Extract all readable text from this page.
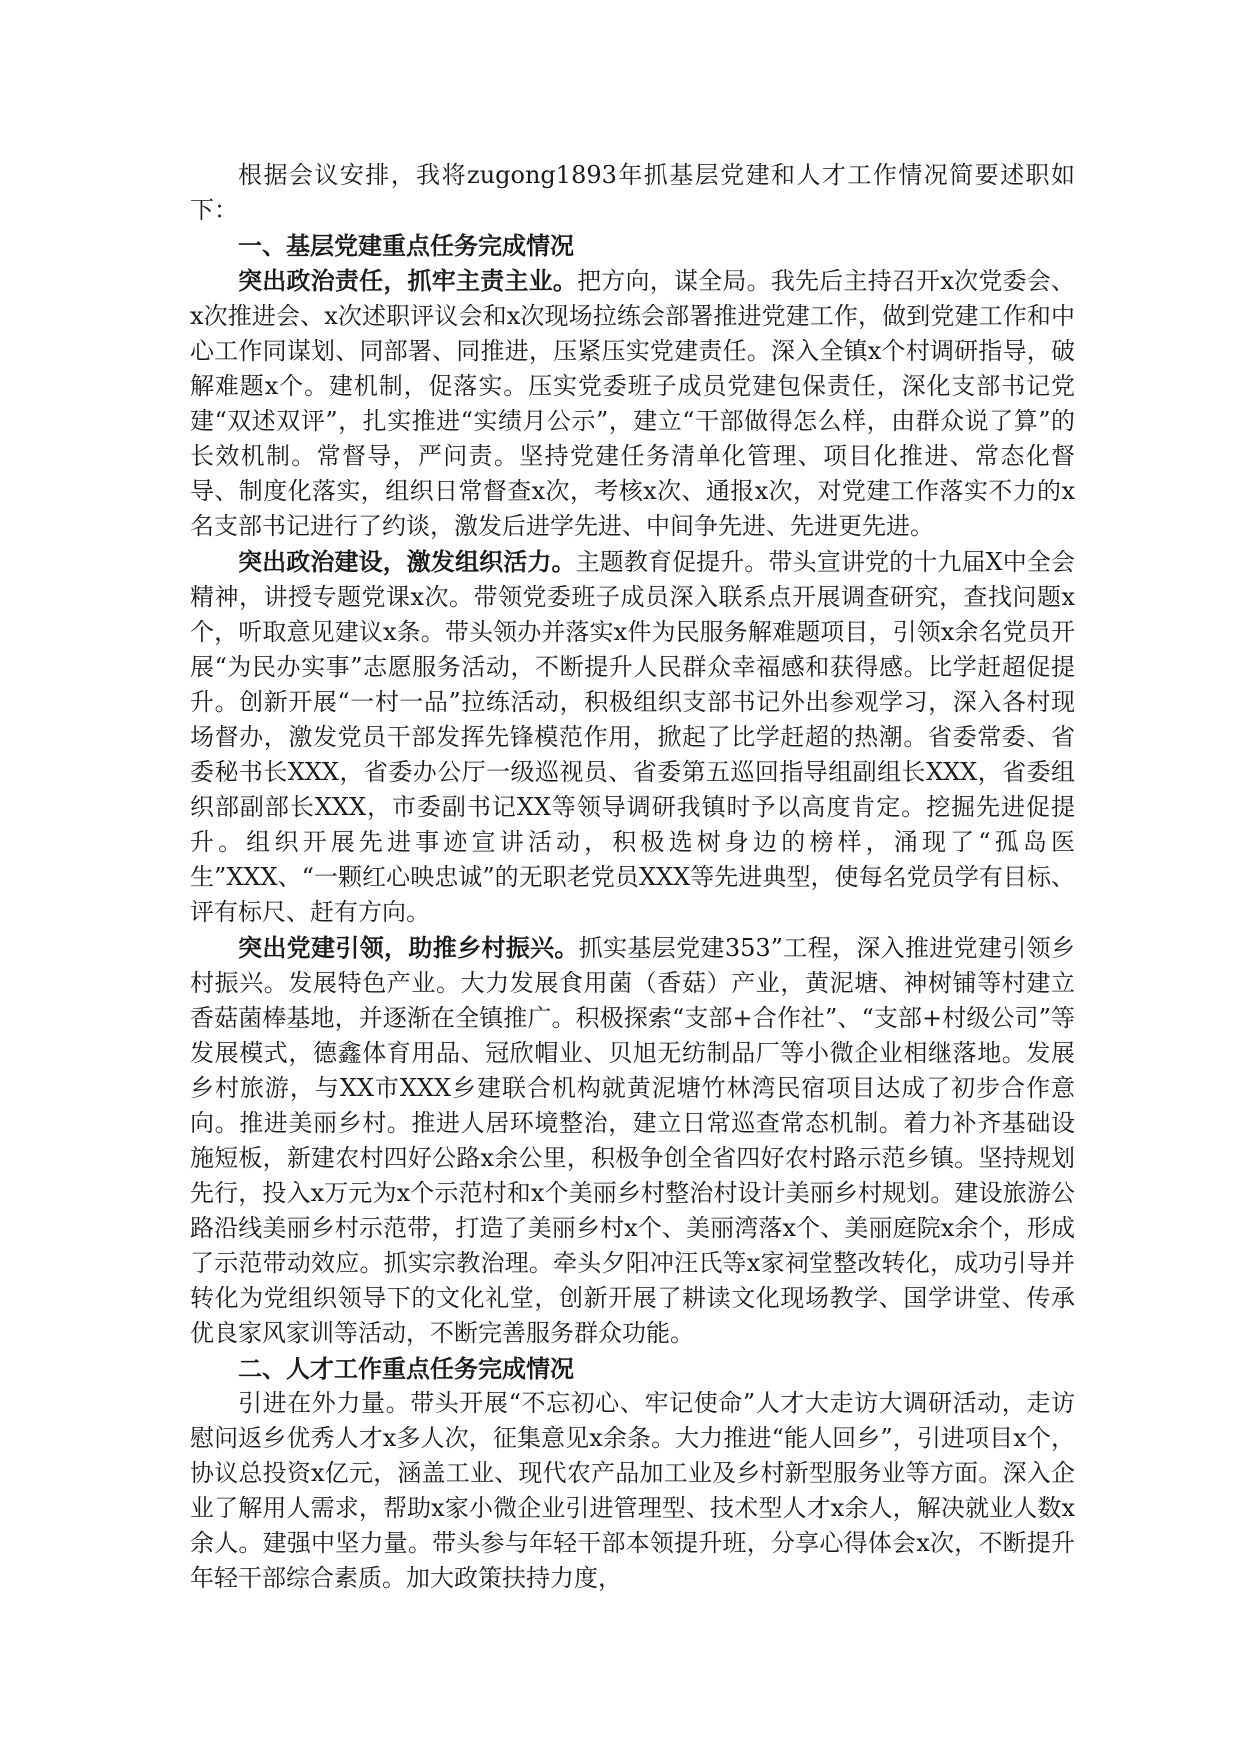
根据会议安排，我将zugong1893年抓基层党建和人才工作情况简要述职如下：

一、基层党建重点任务完成情况

突出政治责任，抓牢主责主业。把方向，谋全局。我先后主持召开x次党委会、x次推进会、x次述职评议会和x次现场拉练会部署推进党建工作，做到党建工作和中心工作同谋划、同部署、同推进，压紧压实党建责任。深入全镇x个村调研指导，破解难题x个。建机制，促落实。压实党委班子成员党建包保责任，深化支部书记党建“双述双评”，扎实推进“实绩月公示”，建立“干部做得怎么样，由群众说了算”的长效机制。常督导，严问责。坚持党建任务清单化管理、项目化推进、常态化督导、制度化落实，组织日常督查x次，考核x次、通报x次，对党建工作落实不力的x名支部书记进行了约谈，激发后进学先进、中间争先进、先进更先进。

突出政治建设，激发组织活力。主题教育促提升。带头宣讲党的十九届X中全会精神，讲授专题党课x次。带领党委班子成员深入联系点开展调查研究，查找问题x个，听取意见建议x条。带头领办并落实x件为民服务解难题项目，引领x余名党员开展“为民办实事”志愿服务活动，不断提升人民群众幸福感和获得感。比学赶超促提升。创新开展“一村一品”拉练活动，积极组织支部书记外出参观学习，深入各村现场督办，激发党员干部发挥先锋模范作用，掀起了比学赶超的热潮。省委常委、省委秘书长XXX，省委办公厅一级巡视员、省委第五巡回指导组副组长XXX，省委组织部副部长XXX，市委副书记XX等领导调研我镇时予以高度肯定。挖掘先进促提升。组织开展先进事迹宣讲活动，积极选树身边的榜样，涌现了“孤岛医生”XXX、“一颗红心映忠诚”的无职老党员XXX等先进典型，使每名党员学有目标、评有标尺、赶有方向。

突出党建引领，助推乡村振兴。抓实基层党建353”工程，深入推进党建引领乡村振兴。发展特色产业。大力发展食用菌（香菇）产业，黄泥塘、神树铺等村建立香菇菌棒基地，并逐渐在全镇推广。积极探索“支部+合作社”、“支部+村级公司”等发展模式，德鑫体育用品、冠欣帽业、贝旭无纺制品厂等小微企业相继落地。发展乡村旅游，与XX市XXX乡建联合机构就黄泥塘竹林湾民宿项目达成了初步合作意向。推进美丽乡村。推进人居环境整治，建立日常巡查常态机制。着力补齐基础设施短板，新建农村四好公路x余公里，积极争创全省四好农村路示范乡镇。坚持规划先行，投入x万元为x个示范村和x个美丽乡村整治村设计美丽乡村规划。建设旅游公路沿线美丽乡村示范带，打造了美丽乡村x个、美丽湾落x个、美丽庭院x余个，形成了示范带动效应。抓实宗教治理。牵头夕阳冲汪氏等x家祠堂整改转化，成功引导并转化为党组织领导下的文化礼堂，创新开展了耕读文化现场教学、国学讲堂、传承优良家风家训等活动，不断完善服务群众功能。

二、人才工作重点任务完成情况

引进在外力量。带头开展“不忘初心、牢记使命”人才大走访大调研活动，走访慰问返乡优秀人才x多人次，征集意见x余条。大力推进“能人回乡”，引进项目x个，协议总投资x亿元，涵盖工业、现代农产品加工业及乡村新型服务业等方面。深入企业了解用人需求，帮助x家小微企业引进管理型、技术型人才x余人，解决就业人数x余人。建强中坚力量。带头参与年轻干部本领提升班，分享心得体会x次，不断提升年轻干部综合素质。加大政策扶持力度，
